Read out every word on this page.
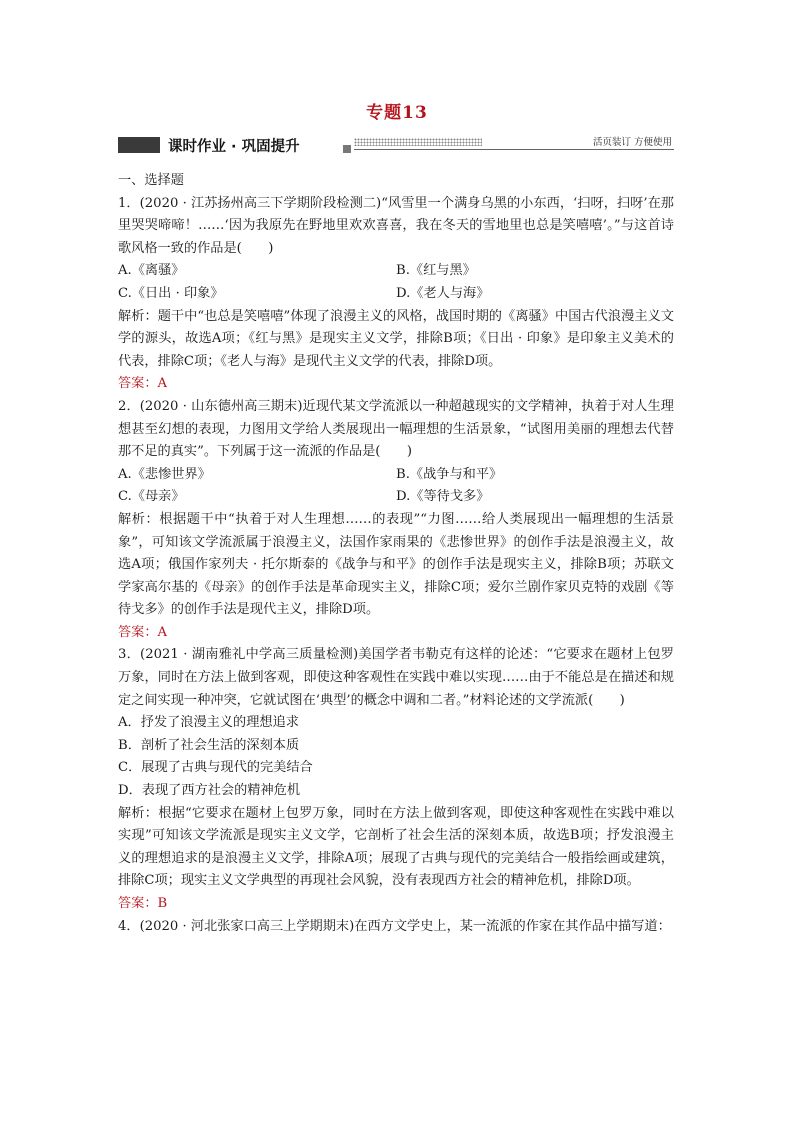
专题13
课时作业 · 巩固提升	活页装订 方便使用

一、选择题

1．(2020 · 江苏扬州高三下学期阶段检测二)“风雪里一个满身乌黑的小东西，‘扫呀，扫呀’在那里哭哭啼啼！……‘因为我原先在野地里欢欢喜喜，我在冬天的雪地里也总是笑嘻嘻’。”与这首诗歌风格一致的作品是(　　)

A.《离骚》	B.《红与黑》
C.《日出 · 印象》	D.《老人与海》

解析：题干中“也总是笑嘻嘻”体现了浪漫主义的风格，战国时期的《离骚》中国古代浪漫主义文学的源头，故选A项；《红与黑》是现实主义文学，排除B项；《日出 · 印象》是印象主义美术的代表，排除C项；《老人与海》是现代主义文学的代表，排除D项。

答案：A

2．(2020 · 山东德州高三期末)近现代某文学流派以一种超越现实的文学精神，执着于对人生理想甚至幻想的表现，力图用文学给人类展现出一幅理想的生活景象，“试图用美丽的理想去代替那不足的真实”。下列属于这一流派的作品是(　　)

A.《悲惨世界》	B.《战争与和平》
C.《母亲》	D.《等待戈多》

解析：根据题干中“执着于对人生理想……的表现”“力图……给人类展现出一幅理想的生活景象”，可知该文学流派属于浪漫主义，法国作家雨果的《悲惨世界》的创作手法是浪漫主义，故选A项；俄国作家列夫 · 托尔斯泰的《战争与和平》的创作手法是现实主义，排除B项；苏联文学家高尔基的《母亲》的创作手法是革命现实主义，排除C项；爱尔兰剧作家贝克特的戏剧《等待戈多》的创作手法是现代主义，排除D项。

答案：A

3．(2021 · 湖南雅礼中学高三质量检测)美国学者韦勒克有这样的论述：“它要求在题材上包罗万象，同时在方法上做到客观，即使这种客观性在实践中难以实现……由于不能总是在描述和规定之间实现一种冲突，它就试图在‘典型’的概念中调和二者。”材料论述的文学流派(　　)

A．抒发了浪漫主义的理想追求

B．剖析了社会生活的深刻本质

C．展现了古典与现代的完美结合

D．表现了西方社会的精神危机

解析：根据“它要求在题材上包罗万象，同时在方法上做到客观，即使这种客观性在实践中难以实现”可知该文学流派是现实主义文学，它剖析了社会生活的深刻本质，故选B项；抒发浪漫主义的理想追求的是浪漫主义文学，排除A项；展现了古典与现代的完美结合一般指绘画或建筑，排除C项；现实主义文学典型的再现社会风貌，没有表现西方社会的精神危机，排除D项。

答案：B

4．(2020 · 河北张家口高三上学期期末)在西方文学史上，某一流派的作家在其作品中描写道：
